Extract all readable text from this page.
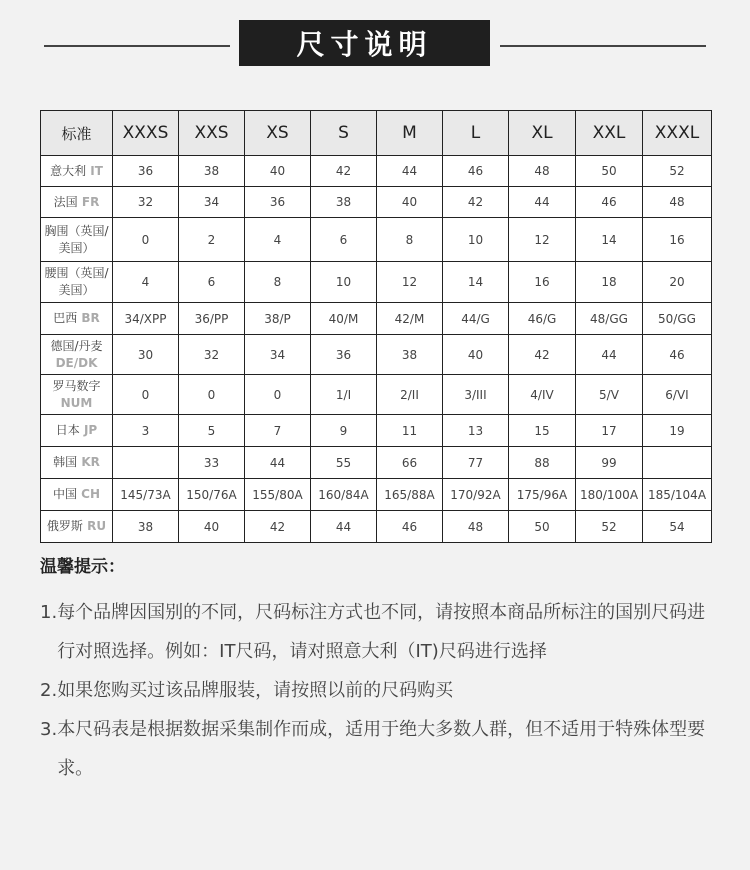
尺寸说明
标准	XXXS	XXS	XS	S	M	L	XL	XXL	XXXL
意大利 IT	36	38	40	42	44	46	48	50	52
法国 FR	32	34	36	38	40	42	44	46	48
胸围（英国/美国）	0	2	4	6	8	10	12	14	16
腰围（英国/美国）	4	6	8	10	12	14	16	18	20
巴西 BR	34/XPP	36/PP	38/P	40/M	42/M	44/G	46/G	48/GG	50/GG
德国/丹麦
DE/DK	30	32	34	36	38	40	42	44	46
罗马数字 NUM	0	0	0	1/I	2/II	3/III	4/IV	5/V	6/VI
日本 JP	3	5	7	9	11	13	15	17	19
韩国 KR		33	44	55	66	77	88	99	
中国 CH	145/73A	150/76A	155/80A	160/84A	165/88A	170/92A	175/96A	180/100A	185/104A
俄罗斯 RU	38	40	42	44	46	48	50	52	54
温馨提示：
1. 每个品牌因国别的不同，尺码标注方式也不同，请按照本商品所标注的国别尺码进行对照选择。例如：IT尺码，请对照意大利（IT)尺码进行选择
2. 如果您购买过该品牌服装，请按照以前的尺码购买
3. 本尺码表是根据数据采集制作而成，适用于绝大多数人群，但不适用于特殊体型要求。
